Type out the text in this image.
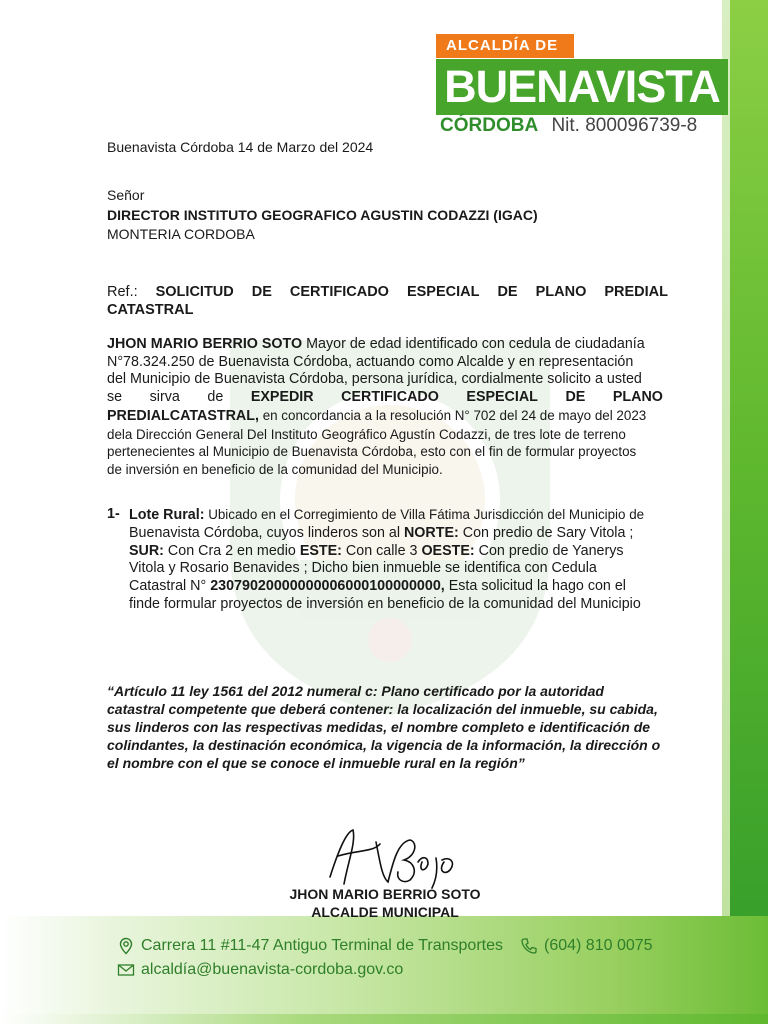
ALCALDÍA DE
BUENAVISTA
CÓRDOBA Nit. 800096739-8
Buenavista Córdoba 14 de Marzo del 2024
Señor
DIRECTOR INSTITUTO GEOGRAFICO AGUSTIN CODAZZI (IGAC)
MONTERIA CORDOBA
Ref.: SOLICITUD DE CERTIFICADO ESPECIAL DE PLANO PREDIAL
CATASTRAL
JHON MARIO BERRIO SOTO Mayor de edad identificado con cedula de ciudadanía
N°78.324.250 de Buenavista Córdoba, actuando como Alcalde y en representación
del Municipio de Buenavista Córdoba, persona jurídica, cordialmente solicito a usted
se sirva de EXPEDIR CERTIFICADO ESPECIAL DE PLANO
PREDIALCATASTRAL, en concordancia a la resolución N° 702 del 24 de mayo del 2023
dela Dirección General Del Instituto Geográfico Agustín Codazzi, de tres lote de terreno
pertenecientes al Municipio de Buenavista Córdoba, esto con el fin de formular proyectos
de inversión en beneficio de la comunidad del Municipio.
1- Lote Rural: Ubicado en el Corregimiento de Villa Fátima Jurisdicción del Municipio de
Buenavista Córdoba, cuyos linderos son al NORTE: Con predio de Sary Vitola ;
SUR: Con Cra 2 en medio ESTE: Con calle 3 OESTE: Con predio de Yanerys
Vitola y Rosario Benavides ; Dicho bien inmueble se identifica con Cedula
Catastral N° 23079020000000006000100000000, Esta solicitud la hago con el
finde formular proyectos de inversión en beneficio de la comunidad del Municipio
“Artículo 11 ley 1561 del 2012 numeral c: Plano certificado por la autoridad
catastral competente que deberá contener: la localización del inmueble, su cabida,
sus linderos con las respectivas medidas, el nombre completo e identificación de
colindantes, la destinación económica, la vigencia de la información, la dirección o
el nombre con el que se conoce el inmueble rural en la región”
JHON MARIO BERRIO SOTO
ALCALDE MUNICIPAL
Carrera 11 #11-47 Antiguo Terminal de Transportes	(604) 810 0075
alcaldía@buenavista-cordoba.gov.co
